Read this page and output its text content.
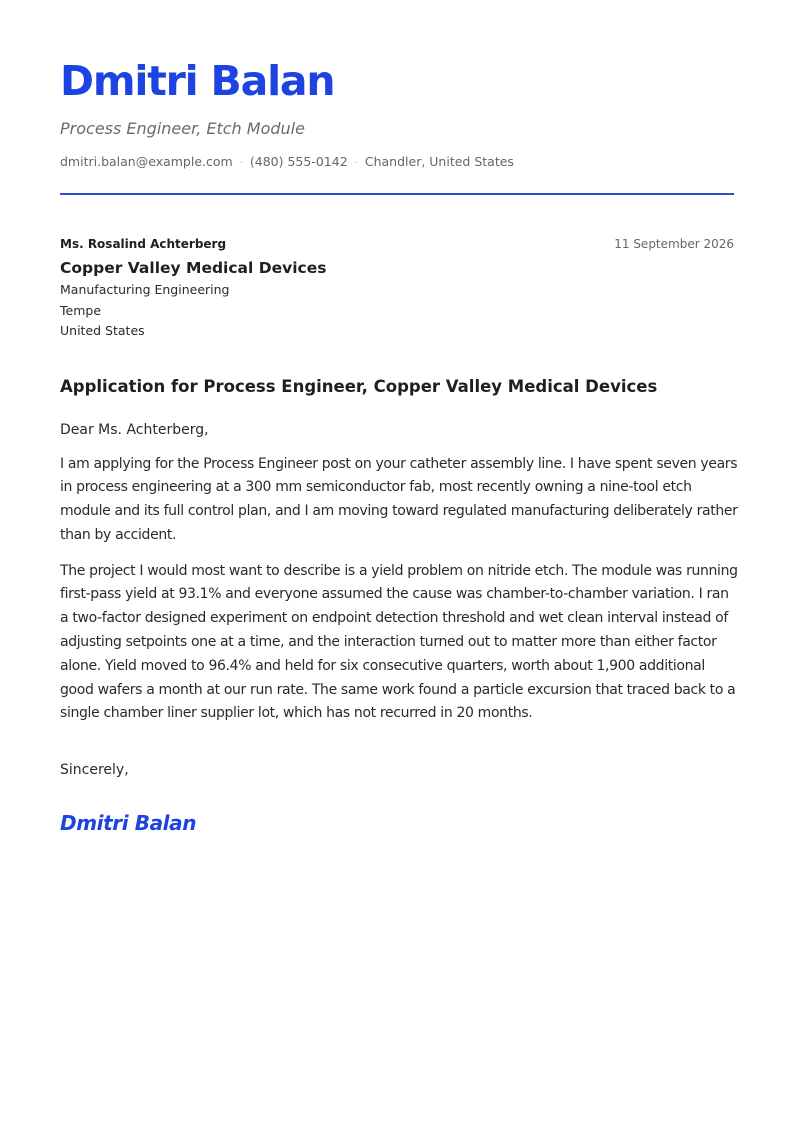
Dmitri Balan
Process Engineer, Etch Module
dmitri.balan@example.com · (480) 555-0142 · Chandler, United States
Ms. Rosalind Achterberg	11 September 2026
Copper Valley Medical Devices
Manufacturing Engineering
Tempe
United States
Application for Process Engineer, Copper Valley Medical Devices
Dear Ms. Achterberg,

I am applying for the Process Engineer post on your catheter assembly line. I have spent seven years in process engineering at a 300 mm semiconductor fab, most recently owning a nine-tool etch module and its full control plan, and I am moving toward regulated manufacturing deliberately rather than by accident.

The project I would most want to describe is a yield problem on nitride etch. The module was running first-pass yield at 93.1% and everyone assumed the cause was chamber-to-chamber variation. I ran a two-factor designed experiment on endpoint detection threshold and wet clean interval instead of adjusting setpoints one at a time, and the interaction turned out to matter more than either factor alone. Yield moved to 96.4% and held for six consecutive quarters, worth about 1,900 additional good wafers a month at our run rate. The same work found a particle excursion that traced back to a single chamber liner supplier lot, which has not recurred in 20 months.

Sincerely,
Dmitri Balan
